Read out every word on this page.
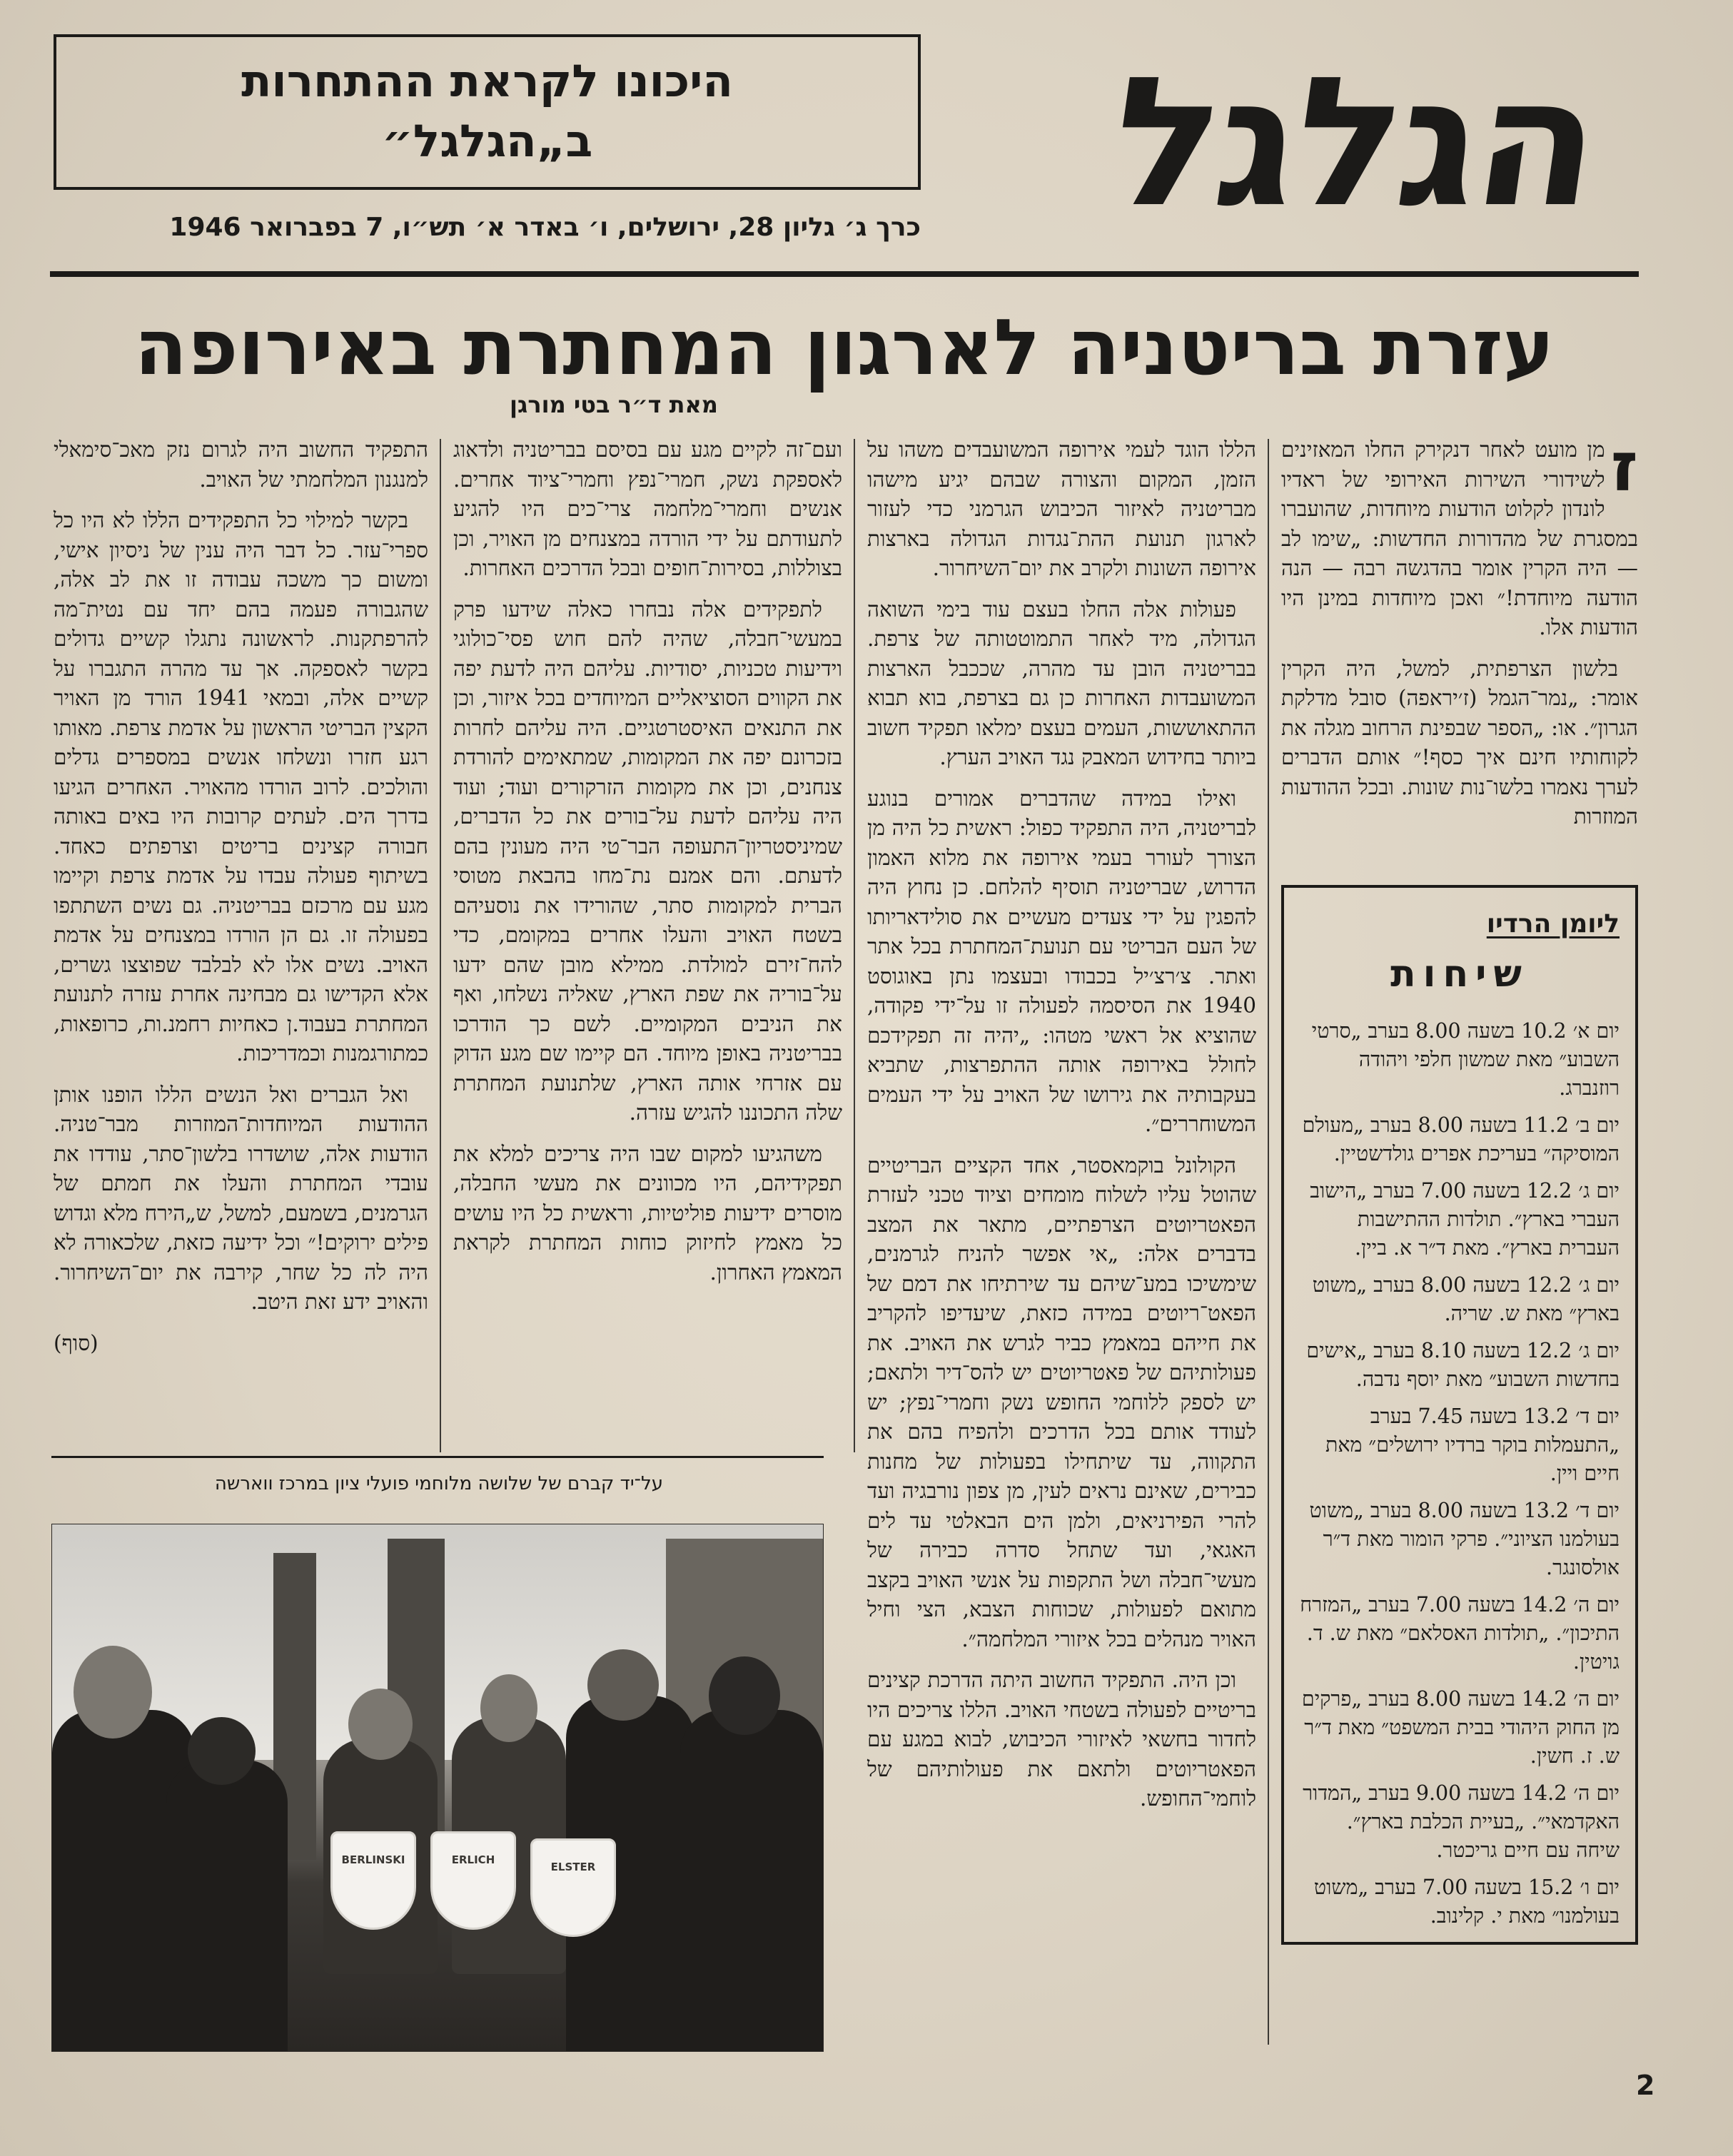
הגלגל
היכונו לקראת ההתחרות
ב„הגלגל״
כרך ג׳ גליון 28, ירושלים, ו׳ באדר א׳ תש״ו, 7 בפברואר 1946
עזרת בריטניה לארגון המחתרת באירופה
מאת ד״ר בטי מורגן

ז
מן מועט לאחר דנקירק החלו המאזינים לשידורי השירות האירופי של ראדיו לונדון לקלוט הודעות מיוחדות, שהועברו במסגרת של מהדורות החדשות: „שימו לב — היה הקרין אומר בהדגשה רבה — הנה הודעה מיוחדת!״ ואכן מיוחדות במינן היו הודעות אלו.

בלשון הצרפתית, למשל, היה הקרין אומר: „נמר־הגמל (ז׳יראפה) סובל מדלקת הגרון״. או: „הספר שבפינת הרחוב מגלה את לקוחותיו חינם איך כסף!״ אותם הדברים לערך נאמרו בלשו־נות שונות. ובכל ההודעות המוזרות

הללו הוגד לעמי אירופה המשועבדים משהו על הזמן, המקום והצורה שבהם יגיע מישהו מבריטניה לאיזור הכיבוש הגרמני כדי לעזור לארגון תנועת ההת־נגדות הגדולה בארצות אירופה השונות ולקרב את יום־השיחרור.

פעולות אלה החלו בעצם עוד בימי השואה הגדולה, מיד לאחר התמוטטותה של צרפת. בבריטניה הובן עד מהרה, שככבל הארצות המשועבדות האחרות כן גם בצרפת, בוא תבוא ההתאוששות, העמים בעצם ימלאו תפקיד חשוב ביותר בחידוש המאבק נגד האויב הערץ.

ואילו במידה שהדברים אמורים בנוגע לבריטניה, היה התפקיד כפול: ראשית כל היה מן הצורך לעורר בעמי אירופה את מלוא האמון הדרוש, שבריטניה תוסיף להלחם. כן נחוץ היה להפגין על ידי צעדים מעשיים את סולידאריותו של העם הבריטי עם תנועת־המחתרת בכל אתר ואתר. צ׳רצ׳יל בכבודו ובעצמו נתן באוגוסט 1940 את הסיסמה לפעולה זו על־ידי פקודה, שהוציא אל ראשי מטהו: „יהיה זה תפקידכם לחולל באירופה אותה ההתפרצות, שתביא בעקבותיה את גירושו של האויב על ידי העמים המשוחררים״.

הקולונל בוקמאסטר, אחד הקציים הבריטיים שהוטל עליו לשלוח מומחים וציוד טכני לעזרת הפאטריוטים הצרפתיים, מתאר את המצב בדברים אלה: „אי אפשר להניח לגרמנים, שימשיכו במע־שיהם עד שירתיחו את דמם של הפאט־ריוטים במידה כזאת, שיעדיפו להקריב את חייהם במאמץ כביר לגרש את האויב. את פעולותיהם של פאטריוטים יש להס־דיר ולתאם; יש לספק ללוחמי החופש נשק וחמרי־נפץ; יש לעודד אותם בכל הדרכים ולהפיח בהם את התקווה, עד שיתחילו בפעולות של מחנות כבירים, שאינם נראים לעין, מן צפון נורבגיה ועד להרי הפירניאים, ולמן הים הבאלטי עד לים האגאי, ועד שתחל סדרה כבירה של מעשי־חבלה ושל התקפות על אנשי האויב בקצב מתואם לפעולות, שכוחות הצבא, הצי וחיל האויר מנהלים בכל איזורי המלחמה״.

וכן היה. התפקיד החשוב היתה הדרכת קצינים בריטיים לפעולה בשטחי האויב. הללו צריכים היו לחדור בחשאי לאיזורי הכיבוש, לבוא במגע עם הפאטריוטים ולתאם את פעולותיהם של לוחמי־החופש.

ועם־זה לקיים מגע עם בסיסם בבריטניה ולדאוג לאספקת נשק, חמרי־נפץ וחמרי־ציוד אחרים. אנשים וחמרי־מלחמה צרי־כים היו להגיע לתעודתם על ידי הורדה במצנחים מן האויר, וכן בצוללות, בסירות־חופים ובכל הדרכים האחרות.

לתפקידים אלה נבחרו כאלה שידעו פרק במעשי־חבלה, שהיה להם חוש פסי־כולוגי וידיעות טכניות, יסודיות. עליהם היה לדעת יפה את הקווים הסוציאליים המיוחדים בכל איזור, וכן את התנאים האיסטרטגיים. היה עליהם לחרות בזכרונם יפה את המקומות, שמתאימים להורדת צנחנים, וכן את מקומות הזרקורים ועוד; ועוד היה עליהם לדעת על־בורים את כל הדברים, שמיניסטריון־התעופה הבר־טי היה מעונין בהם לדעתם. והם אמנם נת־מחו בהבאת מטוסי הברית למקומות סתר, שהורידו את נוסעיהם בשטח האויב והעלו אחרים במקומם, כדי להח־זירם למולדת. ממילא מובן שהם ידעו על־בוריה את שפת הארץ, שאליה נשלחו, ואף את הניבים המקומיים. לשם כך הודרכו בבריטניה באופן מיוחד. הם קיימו שם מגע הדוק עם אזרחי אותה הארץ, שלתנועת המחתרת שלה התכוננו להגיש עזרה.

משהגיעו למקום שבו היה צריכים למלא את תפקידיהם, היו מכוונים את מעשי החבלה, מוסרים ידיעות פוליטיות, וראשית כל היו עושים כל מאמץ לחיזוק כוחות המחתרת לקראת המאמץ האחרון.

התפקיד החשוב היה לגרום נזק מאכ־סימאלי למנגנון המלחמתי של האויב.

בקשר למילוי כל התפקידים הללו לא היו כל ספרי־עזר. כל דבר היה ענין של ניסיון אישי, ומשום כך משכה עבודה זו את לב אלה, שהגבורה פעמה בהם יחד עם נטית־מה להרפתקנות. לראשונה נתגלו קשיים גדולים בקשר לאספקה. אך עד מהרה התגברו על קשיים אלה, ובמאי 1941 הורד מן האויר הקצין הבריטי הראשון על אדמת צרפת. מאותו רגע חזרו ונשלחו אנשים במספרים גדלים והולכים. לרוב הורדו מהאויר. האחרים הגיעו בדרך הים. לעתים קרובות היו באים באותה חבורה קצינים בריטים וצרפתים כאחד. בשיתוף פעולה עבדו על אדמת צרפת וקיימו מגע עם מרכזם בבריטניה. גם נשים השתתפו בפעולה זו. גם הן הורדו במצנחים על אדמת האויב. נשים אלו לא לבלבד שפוצצו גשרים, אלא הקדישו גם מבחינה אחרת עזרה לתנועת המחתרת בעבוד.ן כאחיות רחמנ.ות, כרופאות, כמתורגמנות וכמדריכות.

ואל הגברים ואל הנשים הללו הופנו אותן ההודעות המיוחדות־המוזרות מבר־טניה. הודעות אלה, שושדרו בלשון־סתר, עודדו את עובדי המחתרת והעלו את חמתם של הגרמנים, בשמעם, למשל, ש„הירח מלא וגדוש פילים ירוקים!״ וכל ידיעה כזאת, שלכאורה לא היה לה כל שחר, קירבה את יום־השיחרור. והאויב ידע זאת היטב.

(סוף)
על־יד קברם של שלושה מלוחמי פועלי ציון במרכז ווארשה
BERLINSKI	ERLICH
ELSTER
ליומן הרדיו
שיחות
יום א׳ 10.2 בשעה 8.00 בערב „סרטי השבוע״ מאת שמשון חלפי ויהודה רוזנברג.
יום ב׳ 11.2 בשעה 8.00 בערב „מעולם המוסיקה״ בעריכת אפרים גולדשטיין.
יום ג׳ 12.2 בשעה 7.00 בערב „הישוב העברי בארץ״. תולדות ההתישבות העברית בארץ״. מאת ד״ר א. ביין.
יום ג׳ 12.2 בשעה 8.00 בערב „משוט בארץ״ מאת ש. שריה.
יום ג׳ 12.2 בשעה 8.10 בערב „אישים בחדשות השבוע״ מאת יוסף נדבה.
יום ד׳ 13.2 בשעה 7.45 בערב „התעמלות בוקר ברדיו ירושלים״ מאת חיים ויין.
יום ד׳ 13.2 בשעה 8.00 בערב „משוט בעולמנו הציוני״. פרקי הומור מאת ד״ר אולסונגר.
יום ה׳ 14.2 בשעה 7.00 בערב „המזרח התיכון״. „תולדות האסלאם״ מאת ש. ד. גויטין.
יום ה׳ 14.2 בשעה 8.00 בערב „פרקים מן החוק היהודי בבית המשפט״ מאת ד״ר ש. ז. חשין.
יום ה׳ 14.2 בשעה 9.00 בערב „המדור האקדמאי״. „בעיית הכלבת בארץ״. שיחה עם חיים גריכטר.
יום ו׳ 15.2 בשעה 7.00 בערב „משוט בעולמנו״ מאת י. קלינוב.
2
